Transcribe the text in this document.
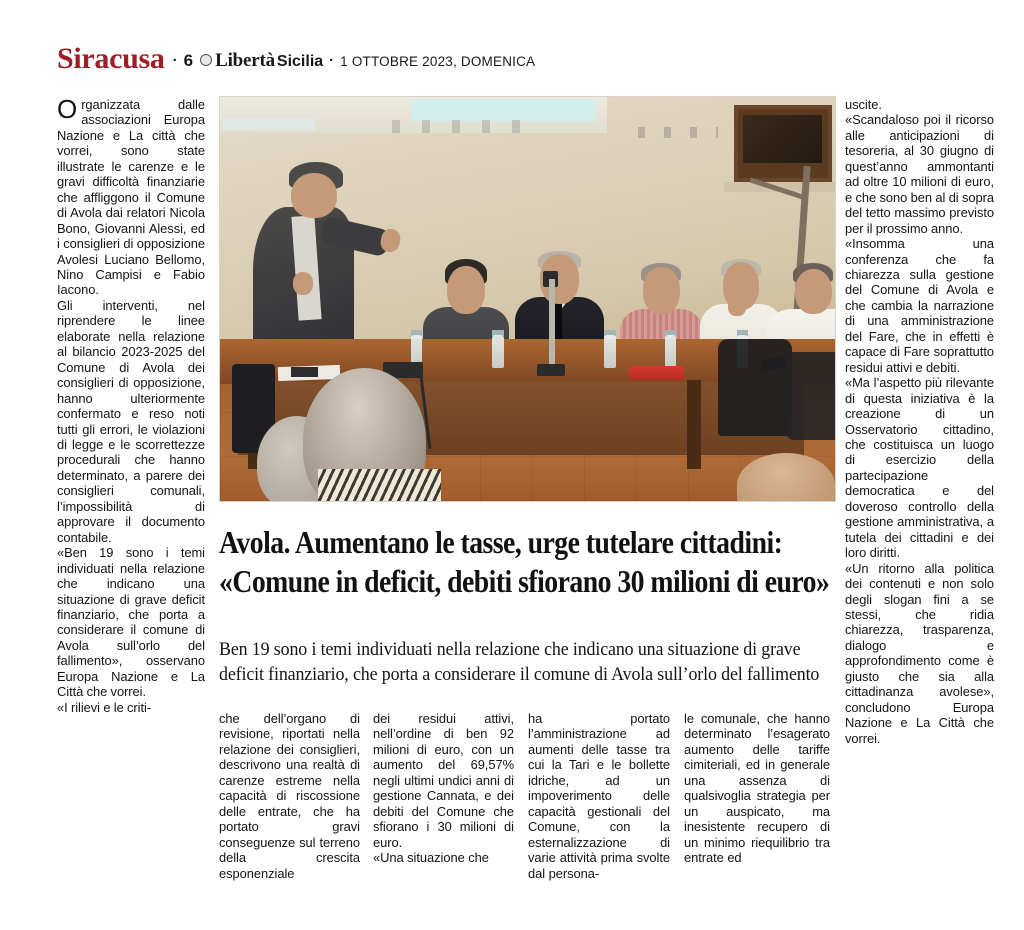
Siracusa · 6 Libertà Sicilia · 1 OTTOBRE 2023, DOMENICA

Organizzata dalle associazioni Europa Nazione e La città che vorrei, sono state illustrate le carenze e le gravi difficoltà finanziarie che affliggono il Comune di Avola dai relatori Nicola Bono, Giovanni Alessi, ed i consiglieri di opposizione Avolesi Luciano Bellomo, Nino Campisi e Fabio Iacono.

Gli interventi, nel riprendere le linee elaborate nella relazione al bilancio 2023-2025 del Comune di Avola dei consiglieri di opposizione, hanno ulteriormente confermato e reso noti tutti gli errori, le violazioni di legge e le scorrettezze procedurali che hanno determinato, a parere dei consiglieri comunali, l’impossibilità di approvare il documento contabile.

«Ben 19 sono i temi individuati nella relazione che indicano una situazione di grave deficit finanziario, che porta a considerare il comune di Avola sull’orlo del fallimento», osservano Europa Nazione e La Città che vorrei.

«I rilievi e le criti-

Avola. Aumentano le tasse, urge tutelare cittadini:
«Comune in deficit, debiti sfiorano 30 milioni di euro»
Ben 19 sono i temi individuati nella relazione che indicano una situazione di grave
deficit finanziario, che porta a considerare il comune di Avola sull’orlo del fallimento

che dell’organo di revisione, riportati nella relazione dei consiglieri, descrivono una realtà di carenze estreme nella capacità di riscossione delle entrate, che ha portato gravi conseguenze sul terreno della crescita esponenziale

dei residui attivi, nell’ordine di ben 92 milioni di euro, con un aumento del 69,57% negli ultimi undici anni di gestione Cannata, e dei debiti del Comune che sfiorano i 30 milioni di euro.

«Una situazione che

ha portato l’amministrazione ad aumenti delle tasse tra cui la Tari e le bollette idriche, ad un impoverimento delle capacità gestionali del Comune, con la esternalizzazione di varie attività prima svolte dal persona-

le comunale, che hanno determinato l’esagerato aumento delle tariffe cimiteriali, ed in generale una assenza di qualsivoglia strategia per un auspicato, ma inesistente recupero di un minimo riequilibrio tra entrate ed

uscite.

«Scandaloso poi il ricorso alle anticipazioni di tesoreria, al 30 giugno di quest’anno ammontanti ad oltre 10 milioni di euro, e che sono ben al di sopra del tetto massimo previsto per il prossimo anno.

«Insomma una conferenza che fa chiarezza sulla gestione del Comune di Avola e che cambia la narrazione di una amministrazione del Fare, che in effetti è capace di Fare soprattutto residui attivi e debiti.

«Ma l’aspetto più rilevante di questa iniziativa è la creazione di un Osservatorio cittadino, che costituisca un luogo di esercizio della partecipazione democratica e del doveroso controllo della gestione amministrativa, a tutela dei cittadini e dei loro diritti.

«Un ritorno alla politica dei contenuti e non solo degli slogan fini a se stessi, che ridia chiarezza, trasparenza, dialogo e approfondimento come è giusto che sia alla cittadinanza avolese», concludono Europa Nazione e La Città che vorrei.
